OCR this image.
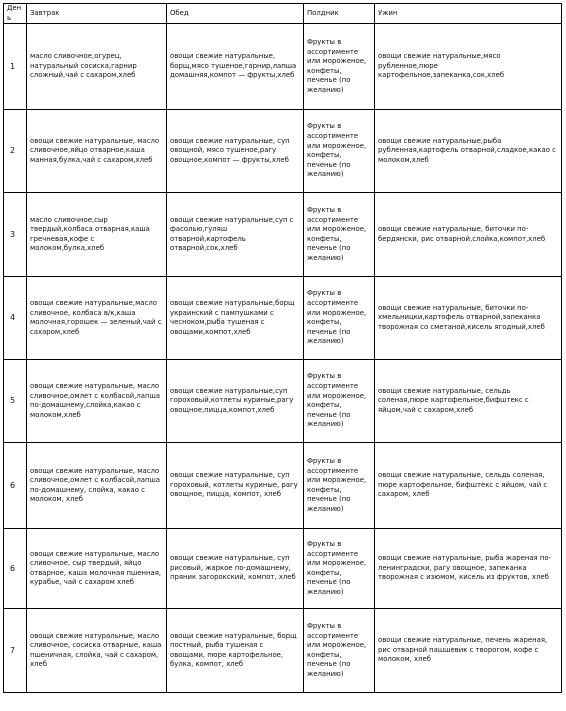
День	Завтрак	Обед	Полдник	Ужин
1	масло сливочное,огурец, натуральный сосиска,гарнир сложный,чай с сахаром,хлеб	овощи свежие натуральные, борщ,мясо тушеное,гарнир,лапша домашняя,компот — фрукты,хлеб	Фрукты в ассортименте или мороженое, конфеты, печенье (по желанию)	овощи свежие натуральные,мясо рубленное,пюре картофельное,запеканка,сок,хлеб
2	овощи свежие натуральные, масло сливочное,яйцо отварное,каша манная,булка,чай с сахаром,хлеб	овощи свежие натуральные, суп овощной, мясо тушеное,рагу овощное,компот — фрукты,хлеб	Фрукты в ассортименте или мороженое, конфеты, печенье (по желанию)	овощи свежие натуральные,рыба рубленная,картофель отварной,сладкое,какао с молоком,хлеб
3	масло сливочное,сыр твердый,колбаса отварная,каша гречневая,кофе с молоком,булка,хлеб	овощи свежие натуральные,суп с фасолью,гуляш отварной,картофель отварной,сок,хлеб	Фрукты в ассортименте или мороженое, конфеты, печенье (по желанию)	овощи свежие натуральные, биточки по-бердянски, рис отварной,слойка,компот,хлеб
4	овощи свежие натуральные,масло сливочное, колбаса в/к,каша молочная,горошек — зеленый,чай с сахаром,хлеб	овощи свежие натуральные,борщ украинский с пампушками с чесноком,рыба тушеная с овощами,компот,хлеб	Фрукты в ассортименте или мороженое, конфеты, печенье (по желанию)	овощи свежие натуральные, биточки по-хмельницки,картофель отварной,запеканка творожная со сметаной,кисель ягодный,хлеб
5	овощи свежие натуральные, масло сливочное,омлет с колбасой,лапша по-домашнему,слойка,какао с молоком,хлеб	овощи свежие натуральные,суп гороховый,котлеты куриные,рагу овощное,пицца,компот,хлеб	Фрукты в ассортименте или мороженое, конфеты, печенье (по желанию)	овощи свежие натуральные, сельдь соленая,пюре картофельное,бифштекс с яйцом,чай с сахаром,хлеб
6	овощи свежие натуральные, масло сливочное,омлет с колбасой,лапша по-домашнему, слойка, какао с молоком, хлеб	овощи свежие натуральные, суп гороховый, котлеты куриные, рагу овощное, пицца, компот, хлеб	Фрукты в ассортименте или мороженое, конфеты, печенье (по желанию)	овощи свежие натуральные, сельдь соленая, пюре картофельное, бифштекс с яйцом, чай с сахаром, хлеб
6	овощи свежие натуральные, масло сливочное, сыр твердый, яйцо отварное, каша молочная пшенная, курабье, чай с сахаром хлеб	овощи свежие натуральные, суп рисовый, жаркое по-домашнему, пряник загорокский, компот, хлеб	Фрукты в ассортименте или мороженое, конфеты, печенье (по желанию)	овощи свежие натуральные, рыба жареная по-ленинградски, рагу овощное, запеканка творожная с изюмом, кисель из фруктов, хлеб
7	овощи свежие натуральные, масло сливочное, сосиска отварные, каша пшеничная, слойка, чай с сахаром, хлеб	овощи свежие натуральные, борщ постный, рыба тушеная с овощами, пюре картофельное, булка, компот, хлеб	Фрукты в ассортименте или мороженое, конфеты, печенье (по желанию)	овощи свежие натуральные, печень жареная, рис отварной пашшевик с творогом, кофе с молоком, хлеб
